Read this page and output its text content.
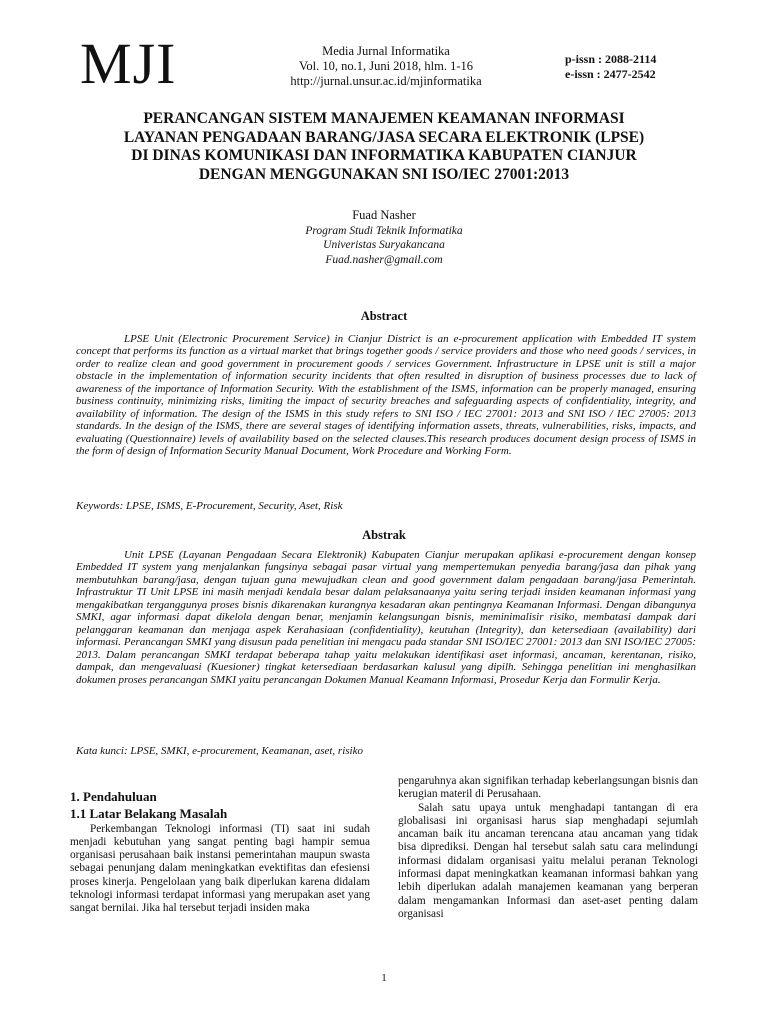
MJI	Media Jurnal Informatika
Vol. 10, no.1, Juni 2018, hlm. 1-16
http://jurnal.unsur.ac.id/mjinformatika
p-issn : 2088-2114
e-issn : 2477-2542
PERANCANGAN SISTEM MANAJEMEN KEAMANAN INFORMASI
LAYANAN PENGADAAN BARANG/JASA SECARA ELEKTRONIK (LPSE)
DI DINAS KOMUNIKASI DAN INFORMATIKA KABUPATEN CIANJUR
DENGAN MENGGUNAKAN SNI ISO/IEC 27001:2013
Fuad Nasher
Program Studi Teknik Informatika
Univeristas Suryakancana
Fuad.nasher@gmail.com
Abstract

LPSE Unit (Electronic Procurement Service) in Cianjur District is an e-procurement application with Embedded IT system concept that performs its function as a virtual market that brings together goods / service providers and those who need goods / services, in order to realize clean and good government in procurement goods / services Government. Infrastructure in LPSE unit is still a major obstacle in the implementation of information security incidents that often resulted in disruption of business processes due to lack of awareness of the importance of Information Security. With the establishment of the ISMS, information can be properly managed, ensuring business continuity, minimizing risks, limiting the impact of security breaches and safeguarding aspects of confidentiality, integrity, and availability of information. The design of the ISMS in this study refers to SNI ISO / IEC 27001: 2013 and SNI ISO / IEC 27005: 2013 standards. In the design of the ISMS, there are several stages of identifying information assets, threats, vulnerabilities, risks, impacts, and evaluating (Questionnaire) levels of availability based on the selected clauses.This research produces document design process of ISMS in the form of design of Information Security Manual Document, Work Procedure and Working Form.

Keywords: LPSE, ISMS, E-Procurement, Security, Aset, Risk
Abstrak

Unit LPSE (Layanan Pengadaan Secara Elektronik) Kabupaten Cianjur merupakan aplikasi e-procurement dengan konsep Embedded IT system yang menjalankan fungsinya sebagai pasar virtual yang mempertemukan penyedia barang/jasa dan pihak yang membutuhkan barang/jasa, dengan tujuan guna mewujudkan clean and good government dalam pengadaan barang/jasa Pemerintah. Infrastruktur TI Unit LPSE ini masih menjadi kendala besar dalam pelaksanaanya yaitu sering terjadi insiden keamanan informasi yang mengakibatkan terganggunya proses bisnis dikarenakan kurangnya kesadaran akan pentingnya Keamanan Informasi. Dengan dibangunya SMKI, agar informasi dapat dikelola dengan benar, menjamin kelangsungan bisnis, meminimalisir risiko, membatasi dampak dari pelanggaran keamanan dan menjaga aspek Kerahasiaan (confidentiality), keutuhan (Integrity), dan ketersediaan (availability) dari informasi. Perancangan SMKI yang disusun pada penelitian ini mengacu pada standar SNI ISO/IEC 27001: 2013 dan SNI ISO/IEC 27005: 2013. Dalam perancangan SMKI terdapat beberapa tahap yaitu melakukan identifikasi aset informasi, ancaman, kerentanan, risiko, dampak, dan mengevaluasi (Kuesioner) tingkat ketersediaan berdasarkan kalusul yang dipilh. Sehingga penelitian ini menghasilkan dokumen proses perancangan SMKI yaitu perancangan Dokumen Manual Keamann Informasi, Prosedur Kerja dan Formulir Kerja.

Kata kunci: LPSE, SMKI, e-procurement, Keamanan, aset, risiko
1. Pendahuluan
1.1 Latar Belakang Masalah

Perkembangan Teknologi informasi (TI) saat ini sudah menjadi kebutuhan yang sangat penting bagi hampir semua organisasi perusahaan baik instansi pemerintahan maupun swasta sebagai penunjang dalam meningkatkan evektifitas dan efesiensi proses kinerja. Pengelolaan yang baik diperlukan karena didalam teknologi informasi terdapat informasi yang merupakan aset yang sangat bernilai. Jika hal tersebut terjadi insiden maka

pengaruhnya akan signifikan terhadap keberlangsungan bisnis dan kerugian materil di Perusahaan.

Salah satu upaya untuk menghadapi tantangan di era globalisasi ini organisasi harus siap menghadapi sejumlah ancaman baik itu ancaman terencana atau ancaman yang tidak bisa diprediksi. Dengan hal tersebut salah satu cara melindungi informasi didalam organisasi yaitu melalui peranan Teknologi informasi dapat meningkatkan keamanan informasi bahkan yang lebih diperlukan adalah manajemen keamanan yang berperan dalam mengamankan Informasi dan aset-aset penting dalam organisasi

1
